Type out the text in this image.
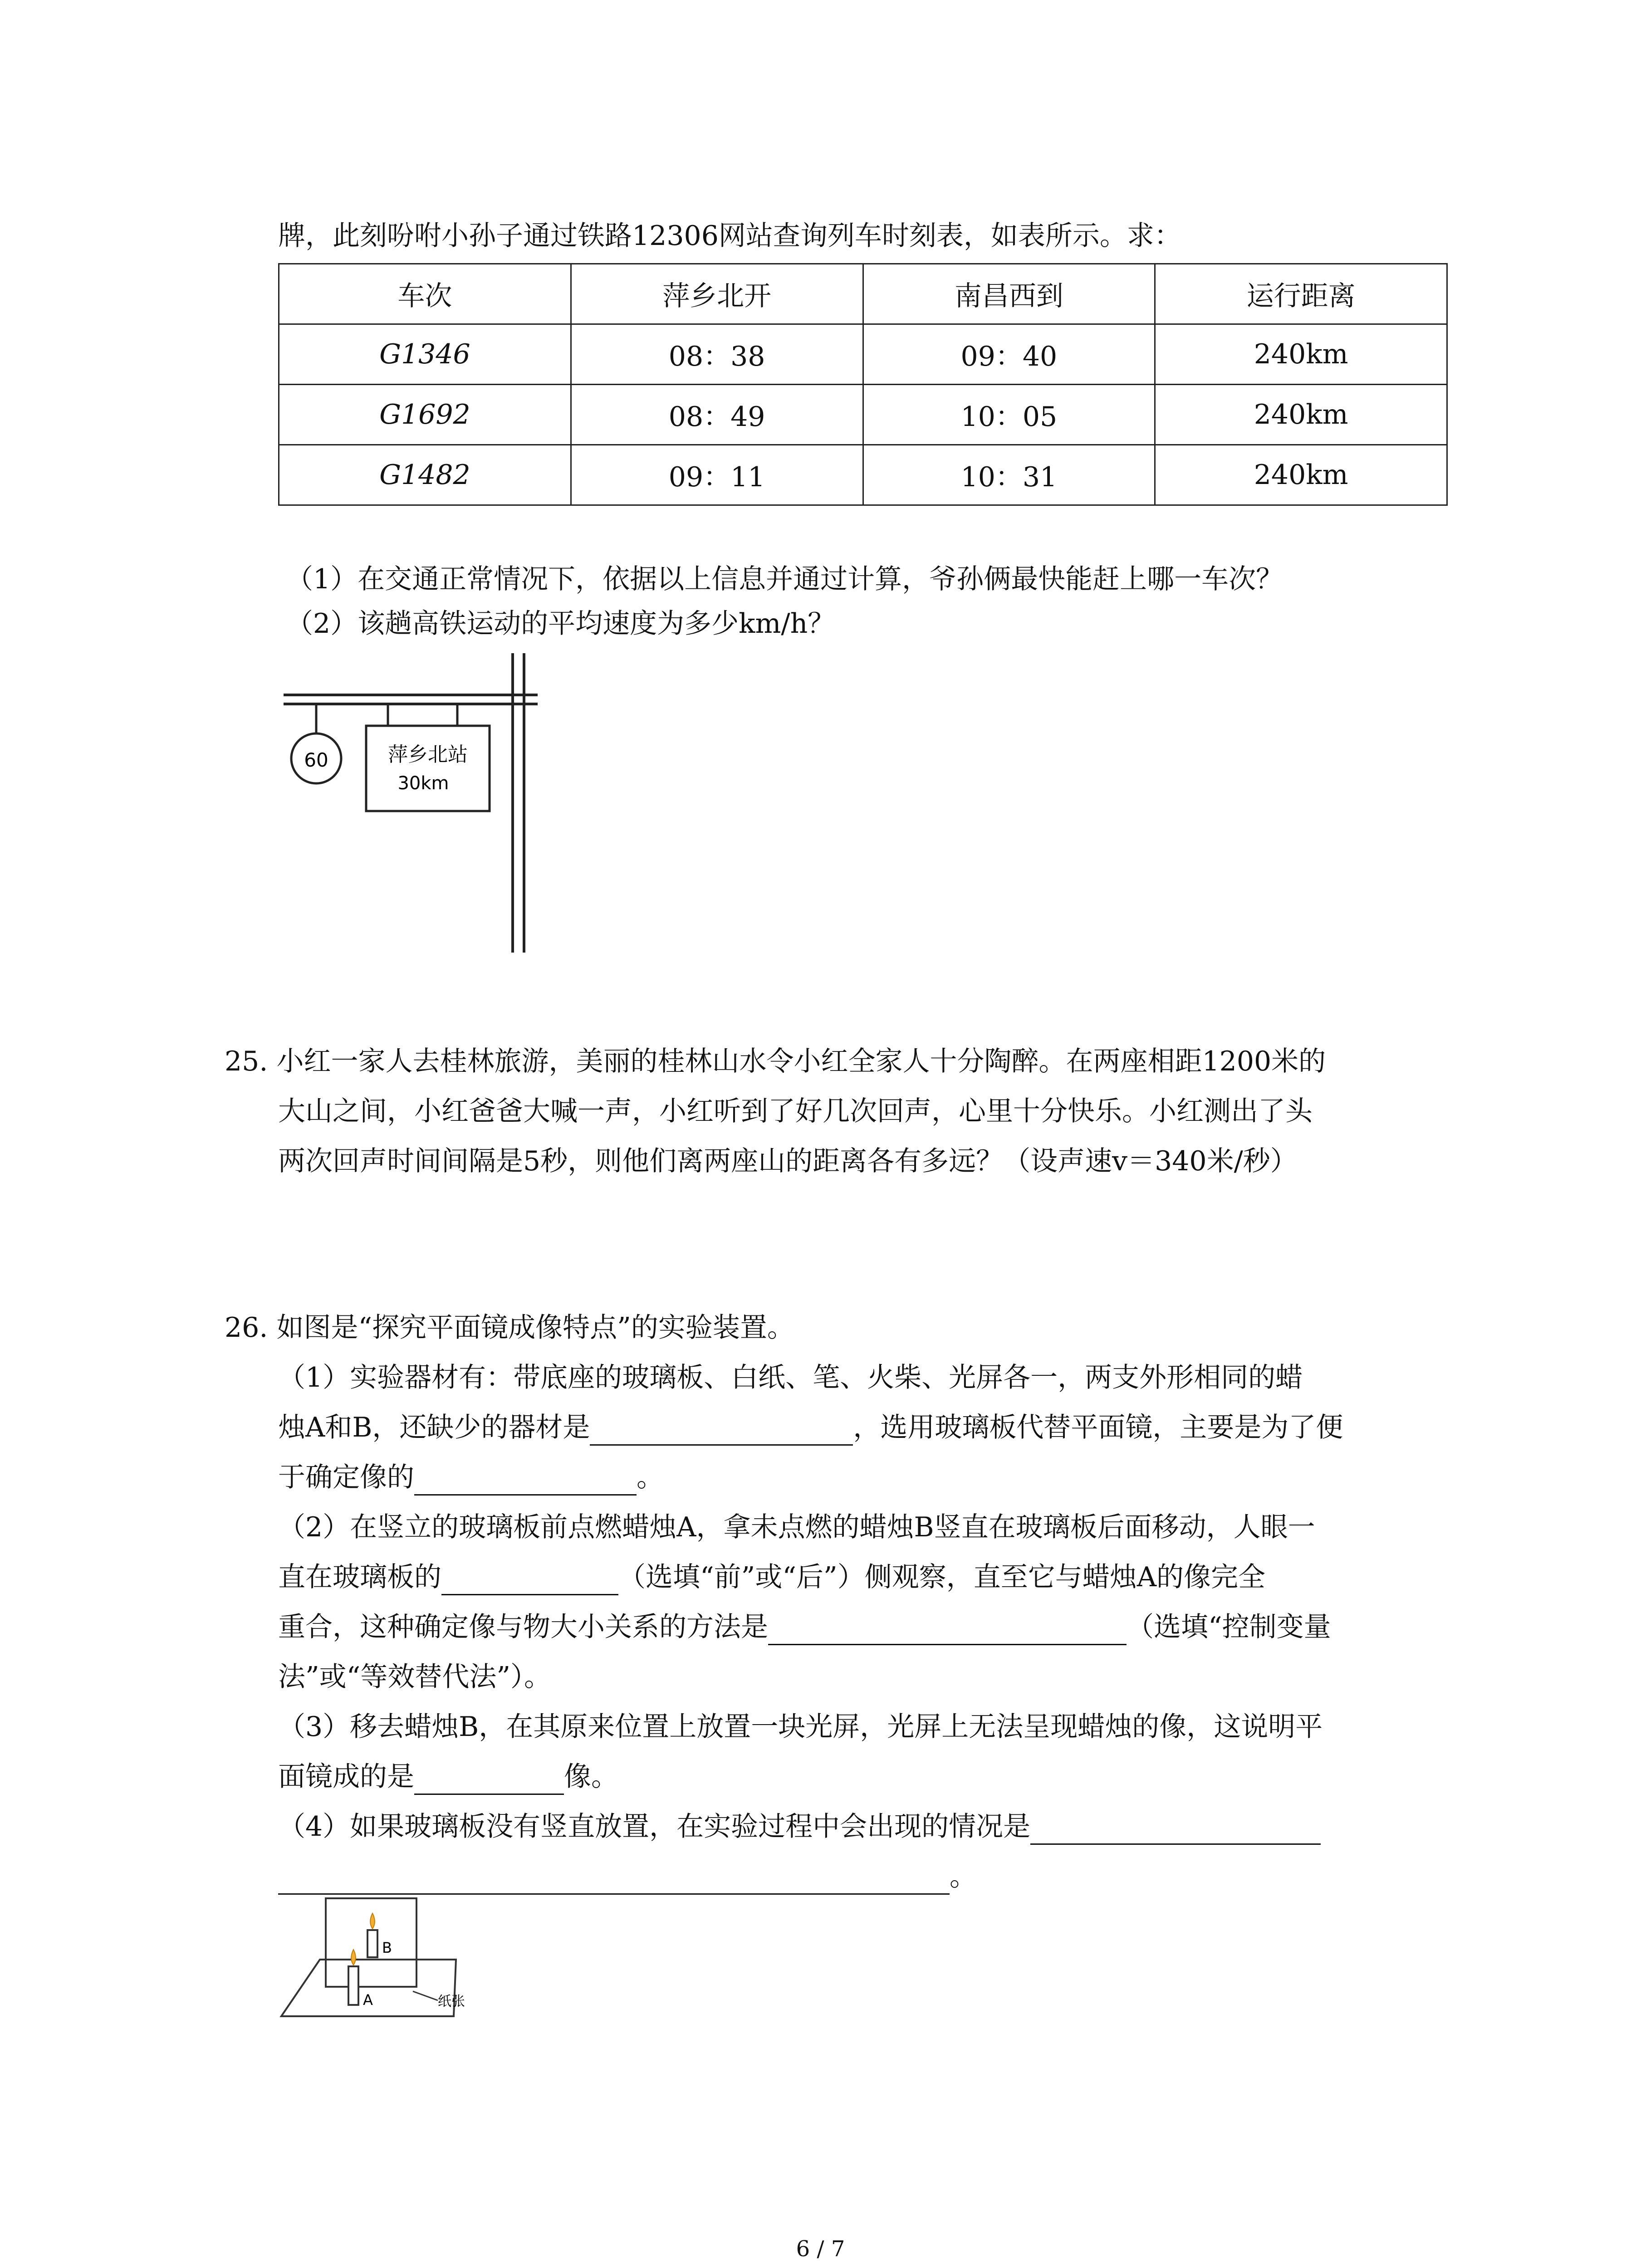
牌，此刻吩咐小孙子通过铁路12306网站查询列车时刻表，如表所示。求：
车次	萍乡北开	南昌西到	运行距离
G1346	08：38	09：40	240km
G1692	08：49	10：05	240km
G1482	09：11	10：31	240km
（1）在交通正常情况下，依据以上信息并通过计算，爷孙俩最快能赶上哪一车次？
（2）该趟高铁运动的平均速度为多少km/h？
60	萍乡北站
30km
25. 小红一家人去桂林旅游，美丽的桂林山水令小红全家人十分陶醉。在两座相距1200米的
大山之间，小红爸爸大喊一声，小红听到了好几次回声，心里十分快乐。小红测出了头
两次回声时间间隔是5秒，则他们离两座山的距离各有多远？（设声速v＝340米/秒）
26. 如图是“探究平面镜成像特点”的实验装置。
（1）实验器材有：带底座的玻璃板、白纸、笔、火柴、光屏各一，两支外形相同的蜡
烛A和B，还缺少的器材是	，选用玻璃板代替平面镜，主要是为了便
于确定像的	。
（2）在竖立的玻璃板前点燃蜡烛A，拿未点燃的蜡烛B竖直在玻璃板后面移动，人眼一
直在玻璃板的	（选填“前”或“后”）侧观察，直至它与蜡烛A的像完全
重合，这种确定像与物大小关系的方法是	（选填“控制变量
法”或“等效替代法”）。
（3）移去蜡烛B，在其原来位置上放置一块光屏，光屏上无法呈现蜡烛的像，这说明平
面镜成的是	像。
（4）如果玻璃板没有竖直放置，在实验过程中会出现的情况是
。
B
A	纸张
6 / 7
